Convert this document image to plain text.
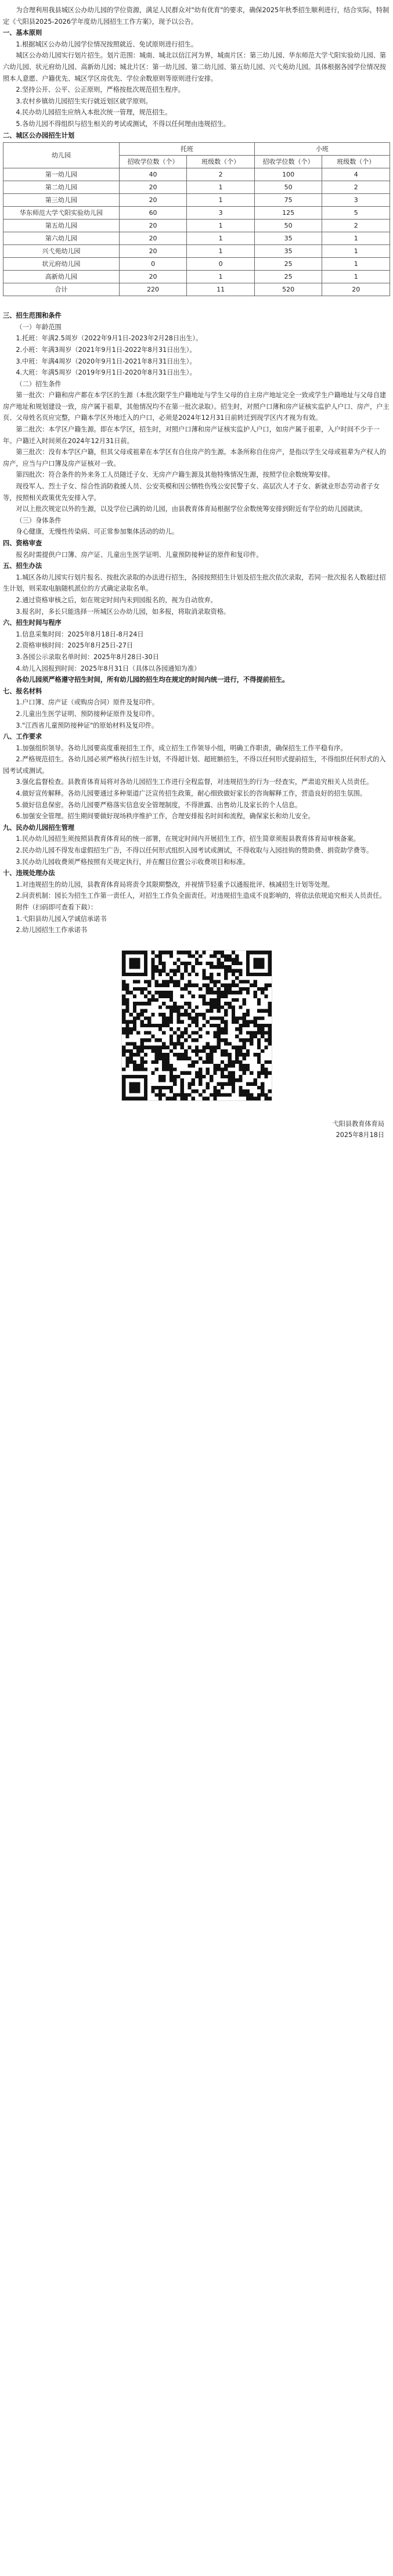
为合理利用我县城区公办幼儿园的学位资源，满足人民群众对"幼有优育"的要求，确保2025年秋季招生顺利进行，结合实际，特制定《弋阳县2025-2026学年度幼儿园招生工作方案》，现予以公告。

一、基本原则

1.根据城区公办幼儿园学位情况按照就近、免试原则进行招生。

城区公办幼儿园实行划片招生。划片范围：城南、城北以信江河为界，城南片区：第三幼儿园、华东师范大学弋阳实验幼儿园、第六幼儿园、状元府幼儿园、高新幼儿园；城北片区：第一幼儿园、第二幼儿园、第五幼儿园、兴弋苑幼儿园。具体根据各园学位情况按照本人意愿、户籍优先、城区学区房优先、学位余数原则等原则进行安排。

2.坚持公开、公平、公正原则，严格按批次规范招生程序。

3.农村乡镇幼儿园招生实行就近划区就学原则。

4.民办幼儿园招生应纳入本批次统一管理，规范招生。

5.各幼儿园不得组织与招生相关的考试或测试，不得以任何理由违规招生。

二、城区公办园招生计划

幼儿园	托班		小班	
	招收学位数（个）	班级数（个）	招收学位数（个）	班级数（个）
第一幼儿园	40	2	100	4
第二幼儿园	20	1	50	2
第三幼儿园	20	1	75	3
华东师范大学弋阳实验幼儿园	60	3	125	5
第五幼儿园	20	1	50	2
第六幼儿园	20	1	35	1
兴弋苑幼儿园	20	1	35	1
状元府幼儿园	0	0	25	1
高新幼儿园	20	1	25	1
合计	220	11	520	20

三、招生范围和条件

（一）年龄范围

1.托班：年满2.5周岁（2022年9月1日-2023年2月28日出生）。

2.小班：年满3周岁（2021年9月1日-2022年8月31日出生）。

3.中班：年满4周岁（2020年9月1日-2021年8月31日出生）。

4.大班：年满5周岁（2019年9月1日-2020年8月31日出生）。

（二）招生条件

第一批次：户籍和房产都在本学区的生源（本批次限学生户籍地址与学生父母的自主房产地址完全一致或学生户籍地址与父母自建房产地址和规划建设一致，房产属于祖辈，其他情况均不在第一批次录取）。招生时，对照户口薄和房产证核实监护人户口、房产，户主页、父母姓名页应完整，户籍本学区外地迁入的户口，必须是2024年12月31日前转迁到现学区内才视为有效。

第二批次：本学区户籍生源。即在本学区，招生时，对照户口薄和房产证核实监护人户口，如房产属于祖辈，入户时间不少于一年。户籍迁入时间须在2024年12月31日前。

第三批次：没有本学区户籍，但其父母或祖辈在本学区有自住房产的生源。本条所称自住房产，是指以学生父母或祖辈为产权人的房产，应当与户口簿及房产证核对一致。

第四批次：符合条件的外来务工人员随迁子女、无房产户籍生源及其他特殊情况生源，按照学位余数统筹安排。

现役军人、烈士子女、综合性消防救援人员、公安英模和因公牺牲伤残公安民警子女、高层次人才子女、新就业形态劳动者子女等，按照相关政策优先安排入学。

对以上批次规定以外的生源，以及学位已满的幼儿园，由县教育体育局根据学位余数统筹安排到附近有学位的幼儿园就读。

（三）身体条件

身心健康，无慢性传染病、可正常参加集体活动的幼儿。

四、资格审查

报名时需提供户口簿、房产证、儿童出生医学证明、儿童预防接种证的原件和复印件。

五、招生办法

1.城区各幼儿园实行划片报名、按批次录取的办法进行招生，各园按照招生计划及招生批次依次录取，若同一批次报名人数超过招生计划，则采取电脑随机派位的方式确定录取名单。

2.通过资格审核之后，如在规定时间内未到园报名的，视为自动放弃。

3.报名时，多长只能选择一所城区公办幼儿园，如多报，将取消录取资格。

六、招生时间与程序

1.信息采集时间：2025年8月18日-8月24日

2.资格审核时间：2025年8月25日-27日

3.各园公示录取名单时间：2025年8月28日-30日

4.幼儿入园报到时间：2025年8月31日（具体以各园通知为准）

各幼儿园须严格遵守招生时间，所有幼儿园的招生均在规定的时间内统一进行，不得提前招生。

七、报名材料

1.户口簿、房产证（或购房合同）原件及复印件。

2.儿童出生医学证明、预防接种证原件及复印件。

3."江西省儿童预防接种证"的原始材料及复印件。

八、工作要求

1.加强组织领导。各幼儿园要高度重视招生工作，成立招生工作领导小组，明确工作职责，确保招生工作平稳有序。

2.严格规范招生。各幼儿园必须严格执行招生计划，不得超计划、超班额招生，不得以任何形式提前招生，不得组织任何形式的入园考试或测试。

3.强化监督检查。县教育体育局将对各幼儿园招生工作进行全程监督，对违规招生的行为一经查实，严肃追究相关人员责任。

4.做好宣传解释。各幼儿园要通过多种渠道广泛宣传招生政策，耐心细致做好家长的咨询解释工作，营造良好的招生氛围。

5.做好信息保密。各幼儿园要严格落实信息安全管理制度，不得泄露、出售幼儿及家长的个人信息。

6.加强安全管理。招生期间要做好现场秩序维护工作，合理安排报名时间和流程，确保家长和幼儿安全。

九、民办幼儿园招生管理

1.民办幼儿园招生须按照县教育体育局的统一部署，在规定时间内开展招生工作，招生简章须报县教育体育局审核备案。

2.民办幼儿园不得发布虚假招生广告，不得以任何形式组织入园考试或测试，不得收取与入园挂钩的赞助费、捐资助学费等。

3.民办幼儿园收费须严格按照有关规定执行，并在醒目位置公示收费项目和标准。

十、违规处理办法

1.对违规招生的幼儿园，县教育体育局将责令其限期整改，并视情节轻重予以通报批评、核减招生计划等处理。

2.问责机制：园长为招生工作第一责任人，对招生工作负全面责任。对违规招生造成不良影响的，将依法依规追究相关人员责任。

附件（扫码即可查看下载）：

1.弋阳县幼儿园入学诚信承诺书

2.幼儿园招生工作承诺书

弋阳县教育体育局

2025年8月18日
